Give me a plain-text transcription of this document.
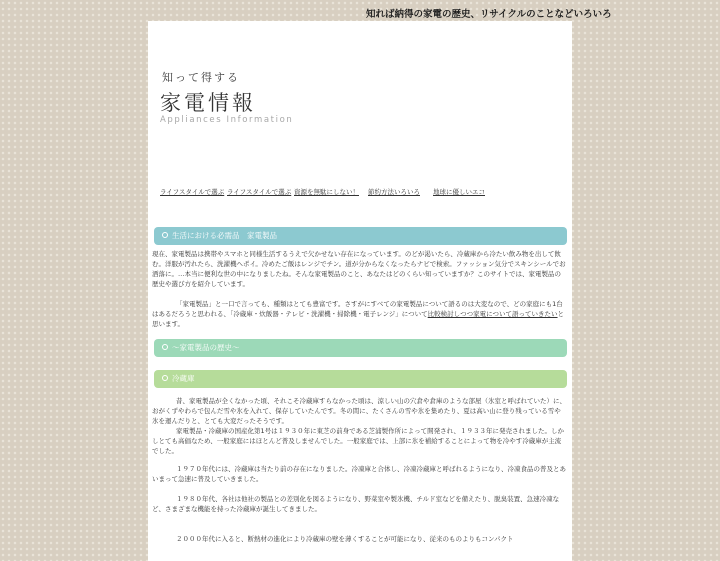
知れば納得の家電の歴史、リサイクルのことなどいろいろ
知って得する
家電情報
Appliances Information
ライフスタイルで選ぶ ライフスタイルで選ぶ 資源を無駄にしない！ 節約方法いろいろ 地球に優しいエコ
生活における必需品　家電製品

現在、家電製品は携帯やスマホと同様生活するうえで欠かせない存在になっています。のどが渇いたら、冷蔵庫から冷たい飲み物を出して飲む。洋服が汚れたら、洗濯機へポイ。冷めたご飯はレンジでチン。道が分からなくなったらナビで検索。ファッション気分でスキンシールでお洒落に。…本当に便利な世の中になりましたね。そんな家電製品のこと、あなたはどのくらい知っていますか？このサイトでは、家電製品の歴史や選び方を紹介しています。

「家電製品」と一口で言っても、種類はとても豊富です。さすがにすべての家電製品について語るのは大変なので、どの家庭にも1台はあるだろうと思われる、「冷蔵庫・炊飯器・テレビ・洗濯機・掃除機・電子レンジ」について比較検討しつつ家電について語っていきたいと思います。

～家電製品の歴史～
冷蔵庫

昔、家電製品が全くなかった頃、それこそ冷蔵庫すらなかった頃は、涼しい山の穴倉や倉庫のような部屋（氷室と呼ばれていた）に、おがくずやわらで包んだ雪や氷を入れて、保存していたんです。冬の間に、たくさんの雪や氷を集めたり、夏は高い山に登り残っている雪や氷を運んだりと、とても大変だったそうです。

家電製品・冷蔵庫の国産化第1号は１９３０年に東芝の前身である芝浦製作所によって開発され、１９３３年に発売されました。しかしとても高価なため、一般家庭にはほとんど普及しませんでした。一般家庭では、上部に氷を補給することによって物を冷やす冷蔵庫が主流でした。

１９７０年代には、冷蔵庫は当たり前の存在になりました。冷凍庫と合体し、冷凍冷蔵庫と呼ばれるようになり、冷凍食品の普及とあいまって急速に普及していきました。

１９８０年代、各社は他社の製品との差別化を図るようになり、野菜室や製氷機、チルド室などを備えたり、脱臭装置、急速冷凍など、さまざまな機能を持った冷蔵庫が誕生してきました。

２０００年代に入ると、断熱材の進化により冷蔵庫の壁を薄くすることが可能になり、従来のものよりもコンパクト
